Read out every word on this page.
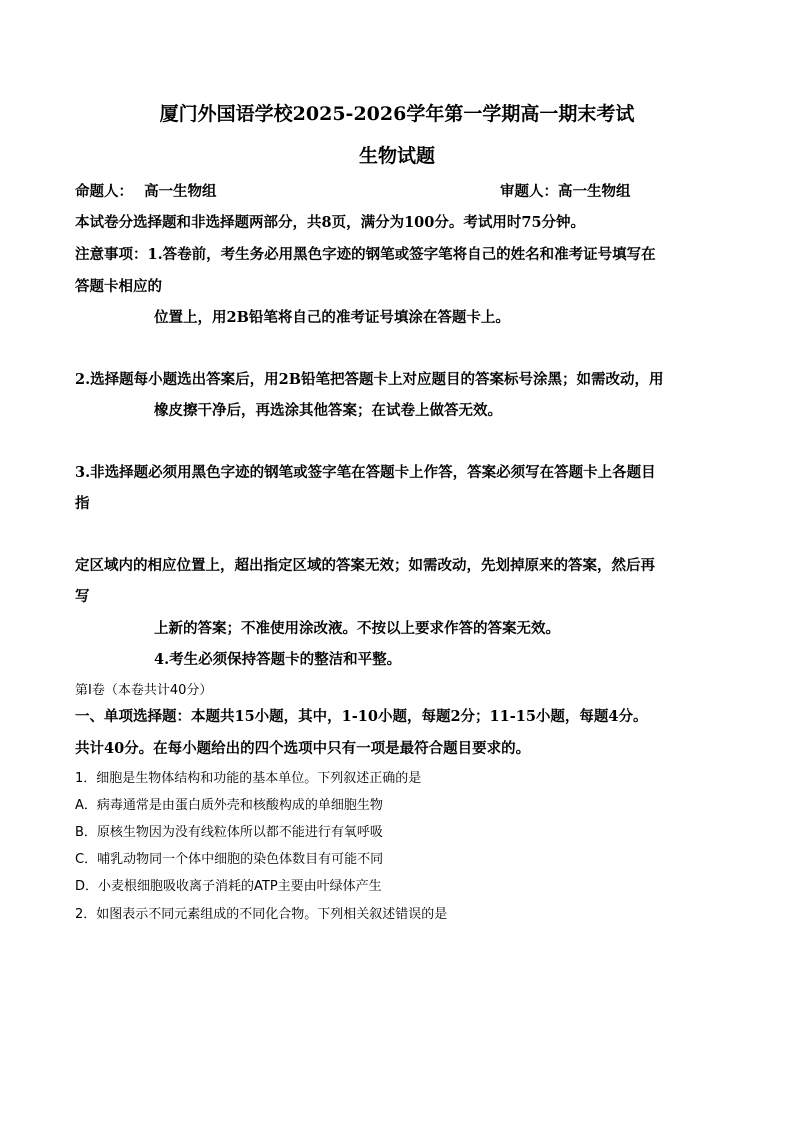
厦门外国语学校2025-2026学年第一学期高一期末考试
生物试题
命题人： 高一生物组	审题人：高一生物组
本试卷分选择题和非选择题两部分，共8页，满分为100分。考试用时75分钟。
注意事项：1.答卷前，考生务必用黑色字迹的钢笔或签字笔将自己的姓名和准考证号填写在
答题卡相应的
位置上，用2B铅笔将自己的准考证号填涂在答题卡上。
2.选择题每小题选出答案后，用2B铅笔把答题卡上对应题目的答案标号涂黑；如需改动，用
橡皮擦干净后，再选涂其他答案；在试卷上做答无效。
3.非选择题必须用黑色字迹的钢笔或签字笔在答题卡上作答，答案必须写在答题卡上各题目
指
定区域内的相应位置上，超出指定区域的答案无效；如需改动，先划掉原来的答案，然后再
写
上新的答案；不准使用涂改液。不按以上要求作答的答案无效。
4.考生必须保持答题卡的整洁和平整。
第Ⅰ卷（本卷共计40分）
一、单项选择题：本题共15小题，其中，1-10小题，每题2分；11-15小题，每题4分。
共计40分。在每小题给出的四个选项中只有一项是最符合题目要求的。
1．细胞是生物体结构和功能的基本单位。下列叙述正确的是
A．病毒通常是由蛋白质外壳和核酸构成的单细胞生物
B．原核生物因为没有线粒体所以都不能进行有氧呼吸
C．哺乳动物同一个体中细胞的染色体数目有可能不同
D．小麦根细胞吸收离子消耗的ATP主要由叶绿体产生
2．如图表示不同元素组成的不同化合物。下列相关叙述错误的是
